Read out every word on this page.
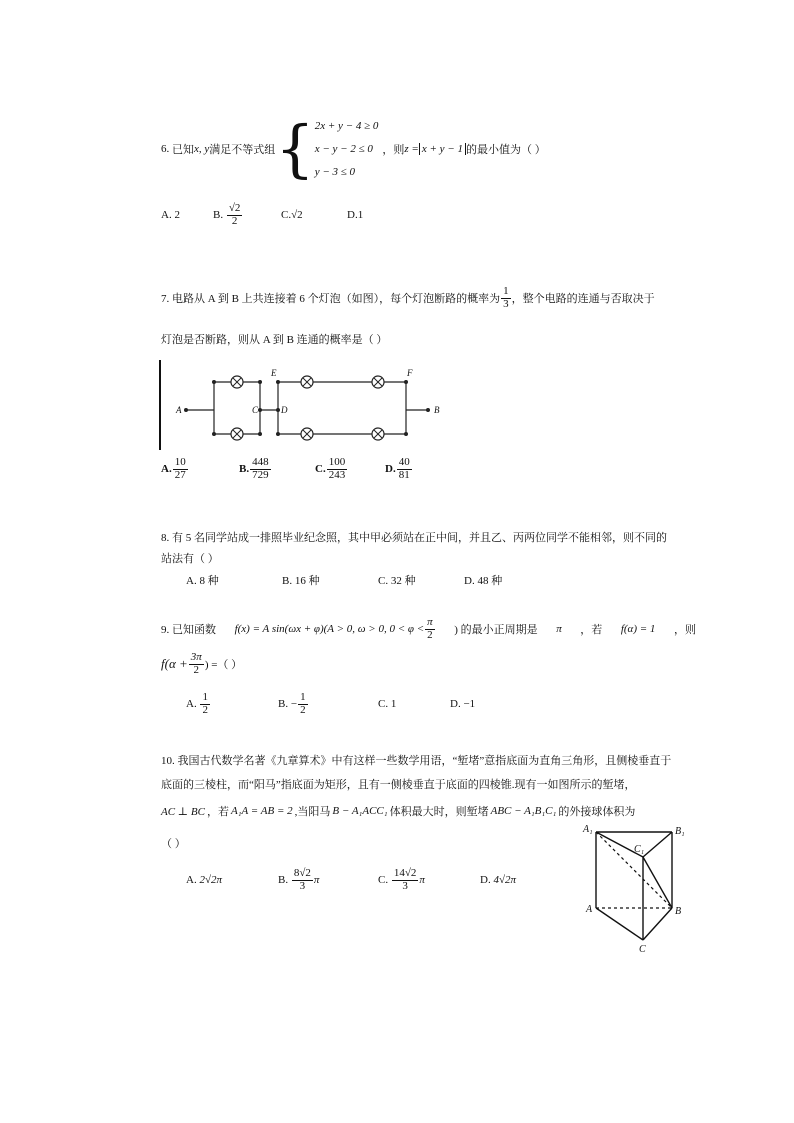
6.
已知 x, y 满足不等式组 { 2x + y − 4 ≥ 0
x − y − 2 ≤ 0
y − 3 ≤ 0
，则 z = x + y − 1 的最小值为（ ）
A. 2	B.
$\frac{√2}{2}$	C.√2	D.1
7. 电路从 A 到 B 上共连接着 6 个灯泡（如图），每个灯泡断路的概率为 $\frac{1}{3}$ ，整个电路的连通与否取决于
灯泡是否断路，则从 A 到 B 连通的概率是（ ）
A	B
C	D
E	F
A. $\frac{10}{27}$	B. $\frac{448}{729}$	C. $\frac{100}{243}$	D. $\frac{40}{81}$
8. 有 5 名同学站成一排照毕业纪念照，其中甲必须站在正中间，并且乙、丙两位同学不能相邻，则不同的
站法有（ ）
A. 8 种	B. 16 种	C. 32 种	D. 48 种
9. 已知函数 f(x) = A sin(ωx + φ)(A > 0, ω > 0, $0 < \varphi < \frac{\pi}{2}$ ) 的最小正周期是 π ，若 f(α) = 1 ，则
$f(\alpha + \frac{3\pi}{2}$ ) =（ ）
A.
$\frac{1}{2}$	B.
− $\frac{1}{2}$	C. 1	D. −1
10. 我国古代数学名著《九章算术》中有这样一些数学用语，“堑堵”意指底面为直角三角形，且侧棱垂直于
底面的三棱柱，而“阳马”指底面为矩形，且有一侧棱垂直于底面的四棱锥.现有一如图所示的堑堵，
AC ⊥ BC ，若 A₁A = AB = 2 ,当阳马 B − A₁ACC₁ 体积最大时，则堑堵 ABC − A₁B₁C₁ 的外接球体积为
（ ）
A. 2√2π	B.
$\frac{8√2}{3}$ π	C.
$\frac{14√2}{3}$ π	D. 4√2π
A₁	B₁
C₁
A	B
C
